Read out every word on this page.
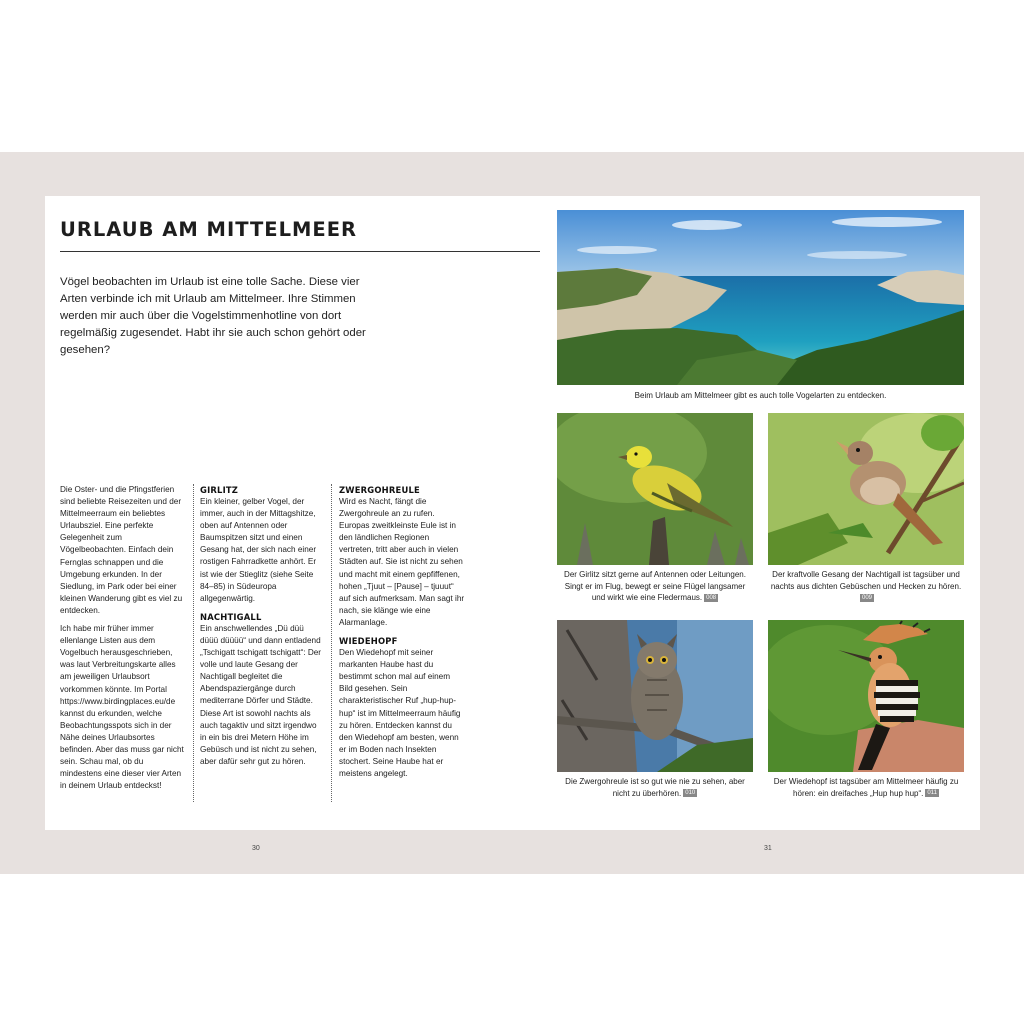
URLAUB AM MITTELMEER

Vögel beobachten im Urlaub ist eine tolle Sache. Diese vier Arten verbinde ich mit Urlaub am Mittelmeer. Ihre Stimmen werden mir auch über die Vogelstimmenhotline von dort regelmäßig zugesendet. Habt ihr sie auch schon gehört oder gesehen?

Die Oster- und die Pfingstferien sind beliebte Reisezeiten und der Mittelmeerraum ein beliebtes Urlaubsziel. Eine perfekte Gelegenheit zum Vögelbeobachten. Einfach dein Fernglas schnappen und die Umgebung erkunden. In der Siedlung, im Park oder bei einer kleinen Wanderung gibt es viel zu entdecken.

Ich habe mir früher immer ellenlange Listen aus dem Vogelbuch herausgeschrieben, was laut Verbreitungskarte alles am jeweiligen Urlaubsort vorkommen könnte. Im Portal https://www.birdingplaces.eu/de kannst du erkunden, welche Beobachtungsspots sich in der Nähe deines Urlaubsortes befinden. Aber das muss gar nicht sein. Schau mal, ob du mindestens eine dieser vier Arten in deinem Urlaub entdeckst!

GIRLITZ

Ein kleiner, gelber Vogel, der immer, auch in der Mittagshitze, oben auf Antennen oder Baumspitzen sitzt und einen Gesang hat, der sich nach einer rostigen Fahrradkette anhört. Er ist wie der Stieglitz (siehe Seite 84–85) in Südeuropa allgegenwärtig.

NACHTIGALL

Ein anschwellendes „Dü düü düüü düüüü“ und dann entladend „Tschigatt tschigatt tschigatt“: Der volle und laute Gesang der Nachtigall begleitet die Abendspaziergänge durch mediterrane Dörfer und Städte. Diese Art ist sowohl nachts als auch tagaktiv und sitzt irgendwo in ein bis drei Metern Höhe im Gebüsch und ist nicht zu sehen, aber dafür sehr gut zu hören.

ZWERGOHREULE

Wird es Nacht, fängt die Zwergohreule an zu rufen. Europas zweitkleinste Eule ist in den ländlichen Regionen vertreten, tritt aber auch in vielen Städten auf. Sie ist nicht zu sehen und macht mit einem gepfiffenen, hohen „Tjuut – [Pause] – tjuuut“ auf sich aufmerksam. Man sagt ihr nach, sie klänge wie eine Alarmanlage.

WIEDEHOPF

Den Wiedehopf mit seiner markanten Haube hast du bestimmt schon mal auf einem Bild gesehen. Sein charakteristischer Ruf „hup-hup-hup“ ist im Mittelmeerraum häufig zu hören. Entdecken kannst du den Wiedehopf am besten, wenn er im Boden nach Insekten stochert. Seine Haube hat er meistens angelegt.

Beim Urlaub am Mittelmeer gibt es auch tolle Vogelarten zu entdecken.
Der Girlitz sitzt gerne auf Antennen oder Leitungen. Singt er im Flug, bewegt er seine Flügel langsamer und wirkt wie eine Fledermaus. 008
Der kraftvolle Gesang der Nachtigall ist tagsüber und nachts aus dichten Gebüschen und Hecken zu hören.009
Die Zwergohreule ist so gut wie nie zu sehen, aber nicht zu überhören. 010
Der Wiedehopf ist tagsüber am Mittelmeer häufig zu hören: ein dreifaches „Hup hup hup“. 011
30	31
